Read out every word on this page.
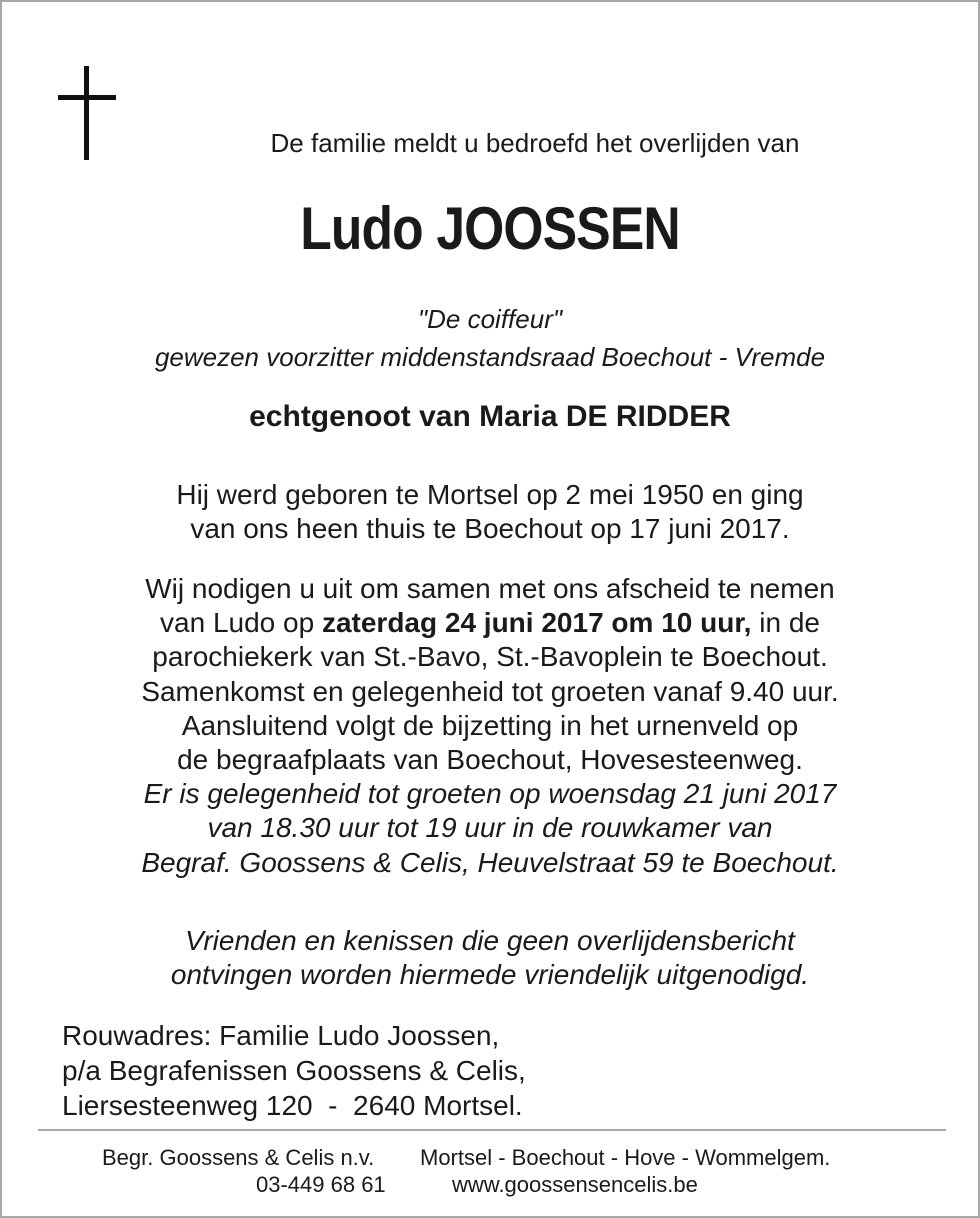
De familie meldt u bedroefd het overlijden van
Ludo JOOSSEN
"De coiffeur"
gewezen voorzitter middenstandsraad Boechout - Vremde
echtgenoot van Maria DE RIDDER
Hij werd geboren te Mortsel op 2 mei 1950 en ging
van ons heen thuis te Boechout op 17 juni 2017.
Wij nodigen u uit om samen met ons afscheid te nemen
van Ludo op zaterdag 24 juni 2017 om 10 uur, in de
parochiekerk van St.-Bavo, St.-Bavoplein te Boechout.
Samenkomst en gelegenheid tot groeten vanaf 9.40 uur.
Aansluitend volgt de bijzetting in het urnenveld op
de begraafplaats van Boechout, Hovesesteenweg.
Er is gelegenheid tot groeten op woensdag 21 juni 2017
van 18.30 uur tot 19 uur in de rouwkamer van
Begraf. Goossens & Celis, Heuvelstraat 59 te Boechout.
Vrienden en kenissen die geen overlijdensbericht
ontvingen worden hiermede vriendelijk uitgenodigd.
Rouwadres: Familie Ludo Joossen,
p/a Begrafenissen Goossens & Celis,
Liersesteenweg 120  -  2640 Mortsel.
Begr. Goossens & Celis n.v. Mortsel - Boechout - Hove - Wommelgem.
03-449 68 61	www.goossensencelis.be
